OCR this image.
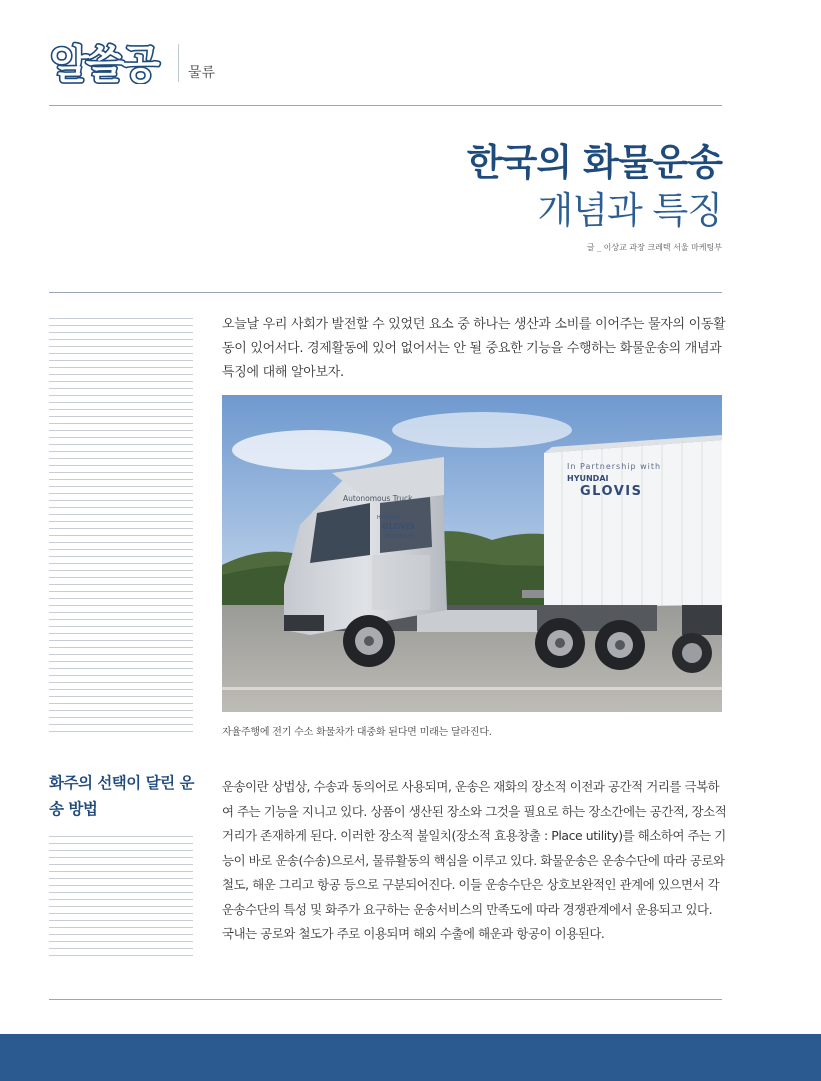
알쓸공 물류
한국의 화물운송
개념과 특징
글 _ 이상교 과장 크레텍 서울 마케팅부
오늘날 우리 사회가 발전할 수 있었던 요소 중 하나는 생산과 소비를 이어주는 물자의 이동활동이 있어서다. 경제활동에 있어 없어서는 안 될 중요한 기능을 수행하는 화물운송의 개념과 특징에 대해 알아보자.
In Partnership with
HYUNDAI
GLOVIS
Autonomous Truck
HYUNDAI
GLOVIS
자율주행트럭
자율주행에 전기 수소 화물차가 대중화 된다면 미래는 달라진다.
화주의 선택이 달린 운송 방법
운송이란 상법상, 수송과 동의어로 사용되며, 운송은 재화의 장소적 이전과 공간적 거리를 극복하여 주는 기능을 지니고 있다. 상품이 생산된 장소와 그것을 필요로 하는 장소간에는 공간적, 장소적 거리가 존재하게 된다. 이러한 장소적 불일치(장소적 효용창출 : Place utility)를 해소하여 주는 기능이 바로 운송(수송)으로서, 물류활동의 핵심을 이루고 있다. 화물운송은 운송수단에 따라 공로와 철도, 해운 그리고 항공 등으로 구분되어진다. 이들 운송수단은 상호보완적인 관계에 있으면서 각 운송수단의 특성 및 화주가 요구하는 운송서비스의 만족도에 따라 경쟁관계에서 운용되고 있다. 국내는 공로와 철도가 주로 이용되며 해외 수출에 해운과 항공이 이용된다.
